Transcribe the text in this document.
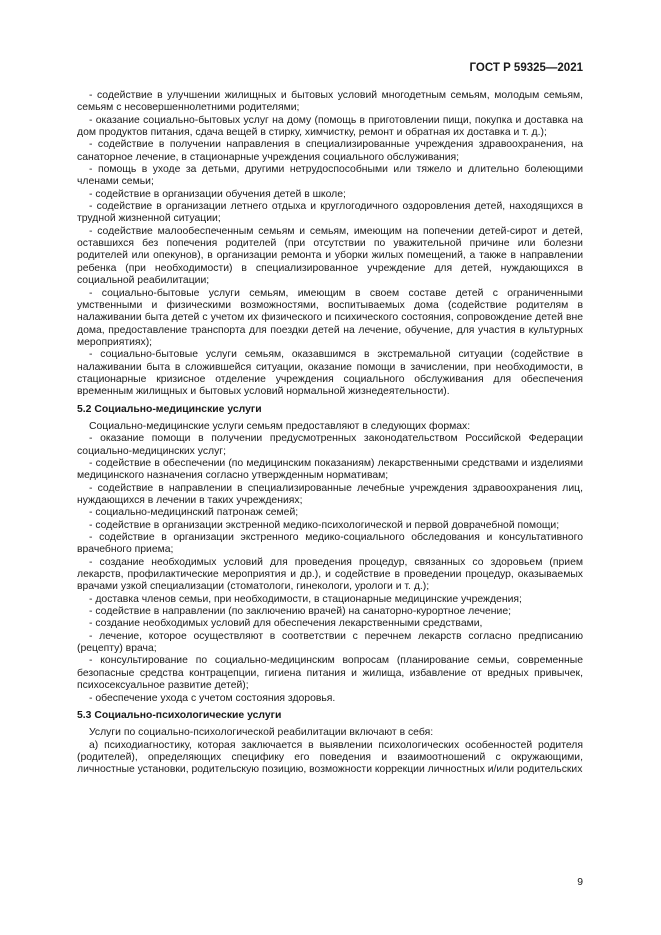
ГОСТ Р 59325—2021

- содействие в улучшении жилищных и бытовых условий многодетным семьям, молодым семьям, семьям с несовершеннолетними родителями;

- оказание социально-бытовых услуг на дому (помощь в приготовлении пищи, покупка и доставка на дом продуктов питания, сдача вещей в стирку, химчистку, ремонт и обратная их доставка и т. д.);

- содействие в получении направления в специализированные учреждения здравоохранения, на санаторное лечение, в стационарные учреждения социального обслуживания;

- помощь в уходе за детьми, другими нетрудоспособными или тяжело и длительно болеющими членами семьи;

- содействие в организации обучения детей в школе;

- содействие в организации летнего отдыха и круглогодичного оздоровления детей, находящихся в трудной жизненной ситуации;

- содействие малообеспеченным семьям и семьям, имеющим на попечении детей-сирот и детей, оставшихся без попечения родителей (при отсутствии по уважительной причине или болезни родителей или опекунов), в организации ремонта и уборки жилых помещений, а также в направлении ребенка (при необходимости) в специализированное учреждение для детей, нуждающихся в социальной реабилитации;

- социально-бытовые услуги семьям, имеющим в своем составе детей с ограниченными умственными и физическими возможностями, воспитываемых дома (содействие родителям в налаживании быта детей с учетом их физического и психического состояния, сопровождение детей вне дома, предоставление транспорта для поездки детей на лечение, обучение, для участия в культурных мероприятиях);

- социально-бытовые услуги семьям, оказавшимся в экстремальной ситуации (содействие в налаживании быта в сложившейся ситуации, оказание помощи в зачислении, при необходимости, в стационарные кризисное отделение учреждения социального обслуживания для обеспечения временным жилищных и бытовых условий нормальной жизнедеятельности).

5.2 Социально-медицинские услуги

Социально-медицинские услуги семьям предоставляют в следующих формах:

- оказание помощи в получении предусмотренных законодательством Российской Федерации социально-медицинских услуг;

- содействие в обеспечении (по медицинским показаниям) лекарственными средствами и изделиями медицинского назначения согласно утвержденным нормативам;

- содействие в направлении в специализированные лечебные учреждения здравоохранения лиц, нуждающихся в лечении в таких учреждениях;

- социально-медицинский патронаж семей;

- содействие в организации экстренной медико-психологической и первой доврачебной помощи;

- содействие в организации экстренного медико-социального обследования и консультативного врачебного приема;

- создание необходимых условий для проведения процедур, связанных со здоровьем (прием лекарств, профилактические мероприятия и др.), и содействие в проведении процедур, оказываемых врачами узкой специализации (стоматологи, гинекологи, урологи и т. д.);

- доставка членов семьи, при необходимости, в стационарные медицинские учреждения;

- содействие в направлении (по заключению врачей) на санаторно-курортное лечение;

- создание необходимых условий для обеспечения лекарственными средствами,

- лечение, которое осуществляют в соответствии с перечнем лекарств согласно предписанию (рецепту) врача;

- консультирование по социально-медицинским вопросам (планирование семьи, современные безопасные средства контрацепции, гигиена питания и жилища, избавление от вредных привычек, психосексуальное развитие детей);

- обеспечение ухода с учетом состояния здоровья.

5.3 Социально-психологические услуги

Услуги по социально-психологической реабилитации включают в себя:

а) психодиагностику, которая заключается в выявлении психологических особенностей родителя (родителей), определяющих специфику его поведения и взаимоотношений с окружающими, личностные установки, родительскую позицию, возможности коррекции личностных и/или родительских

9
